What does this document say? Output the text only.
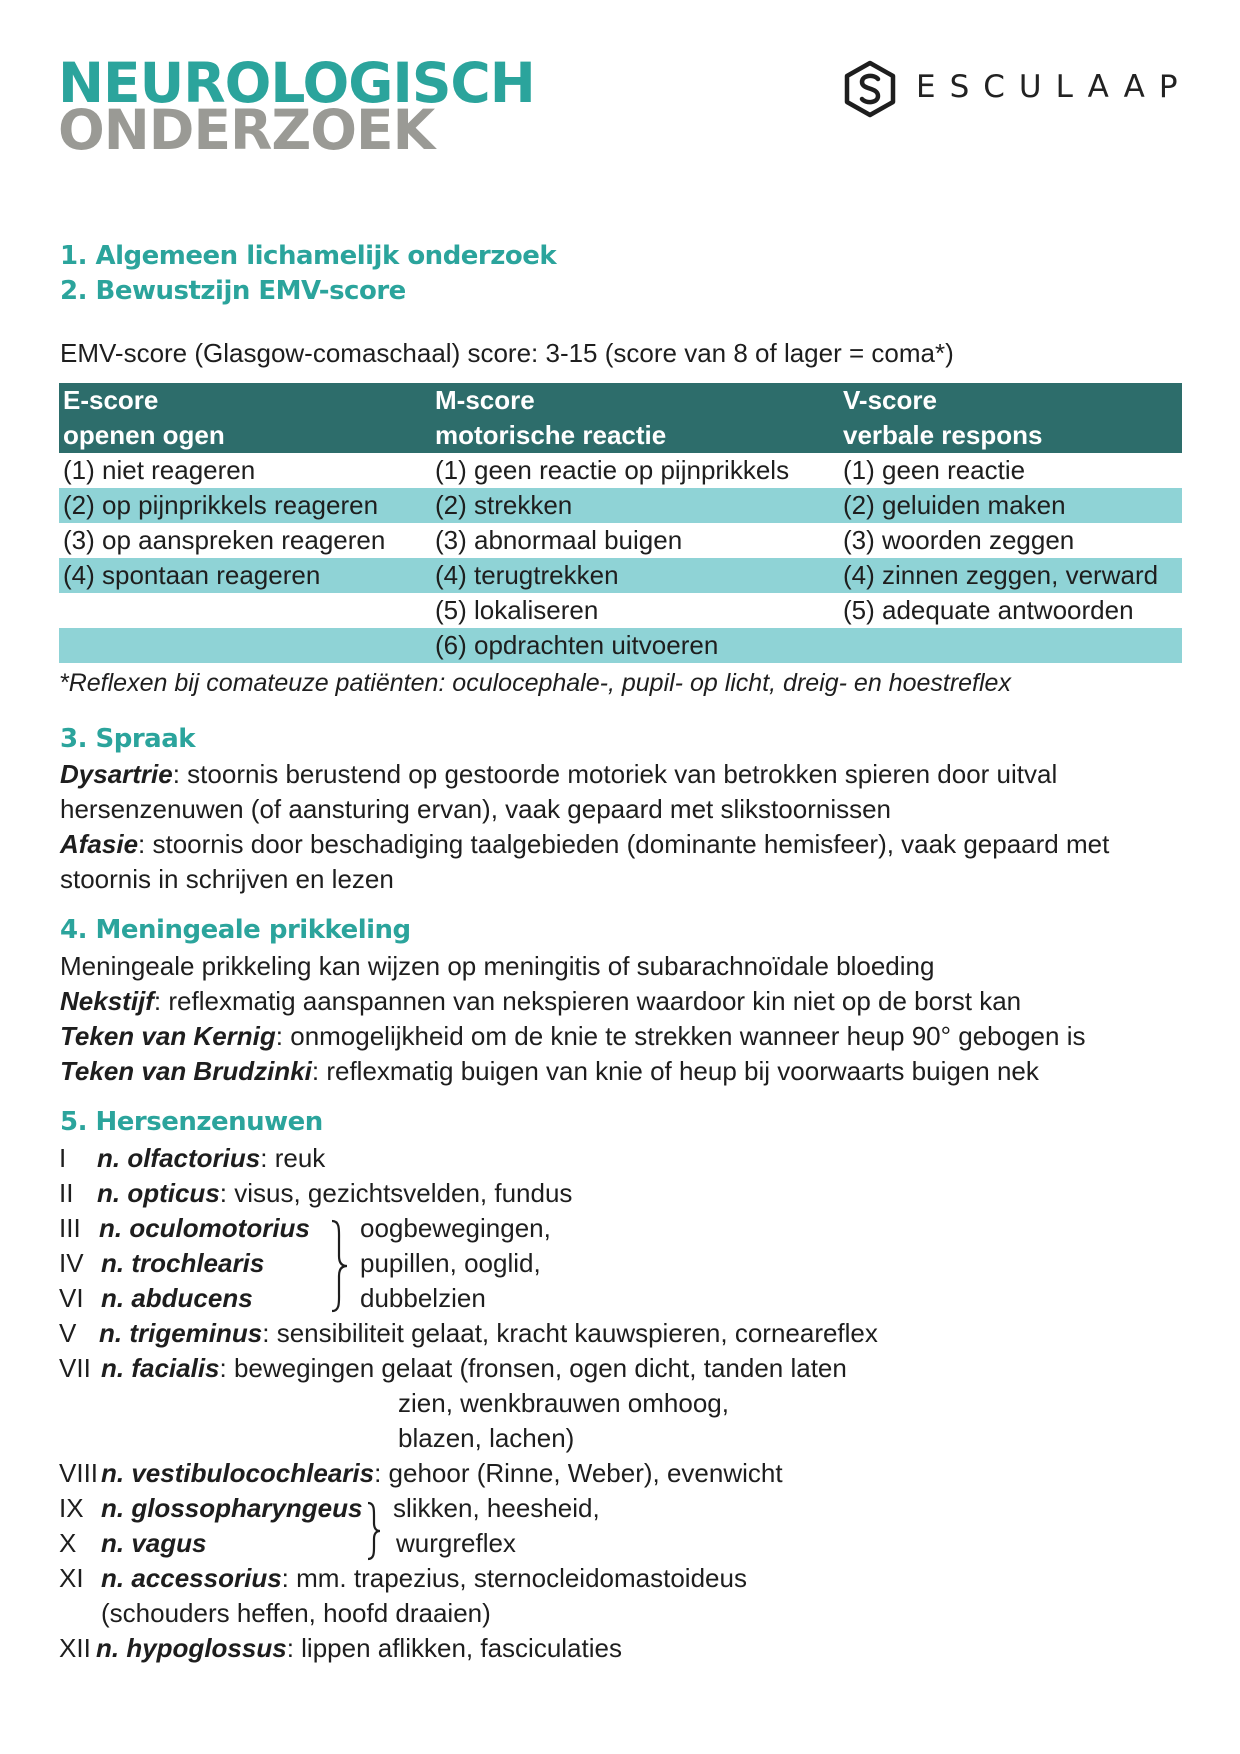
NEUROLOGISCH
ONDERZOEK
ESCULAAP
1. Algemeen lichamelijk onderzoek
2. Bewustzijn EMV-score
EMV-score (Glasgow-comaschaal) score: 3-15 (score van 8 of lager = coma*)
E-score	M-score	V-score
openen ogen	motorische reactie	verbale respons
(1) niet reageren	(1) geen reactie op pijnprikkels	(1) geen reactie
(2) op pijnprikkels reageren	(2) strekken	(2) geluiden maken
(3) op aanspreken reageren	(3) abnormaal buigen	(3) woorden zeggen
(4) spontaan reageren	(4) terugtrekken	(4) zinnen zeggen, verward
	(5) lokaliseren	(5) adequate antwoorden
	(6) opdrachten uitvoeren	
*Reflexen bij comateuze patiënten: oculocephale-, pupil- op licht, dreig- en hoestreflex
3. Spraak
Dysartrie: stoornis berustend op gestoorde motoriek van betrokken spieren door uitval
hersenzenuwen (of aansturing ervan), vaak gepaard met slikstoornissen
Afasie: stoornis door beschadiging taalgebieden (dominante hemisfeer), vaak gepaard met
stoornis in schrijven en lezen
4. Meningeale prikkeling
Meningeale prikkeling kan wijzen op meningitis of subarachnoïdale bloeding
Nekstijf: reflexmatig aanspannen van nekspieren waardoor kin niet op de borst kan
Teken van Kernig: onmogelijkheid om de knie te strekken wanneer heup 90° gebogen is
Teken van Brudzinki: reflexmatig buigen van knie of heup bij voorwaarts buigen nek
5. Hersenzenuwen
I n. olfactorius: reuk
II n. opticus: visus, gezichtsvelden, fundus
III n. oculomotorius
IV n. trochlearis
VI n. abducens
oogbewegingen,
pupillen, ooglid,
dubbelzien
V n. trigeminus: sensibiliteit gelaat, kracht kauwspieren, corneareflex
VII n. facialis: bewegingen gelaat (fronsen, ogen dicht, tanden laten
zien, wenkbrauwen omhoog,
blazen, lachen)
VIII n. vestibulocochlearis: gehoor (Rinne, Weber), evenwicht
IX n. glossopharyngeus
X n. vagus
slikken, heesheid,
wurgreflex
XI n. accessorius: mm. trapezius, sternocleidomastoideus
(schouders heffen, hoofd draaien)
XII n. hypoglossus: lippen aflikken, fasciculaties
